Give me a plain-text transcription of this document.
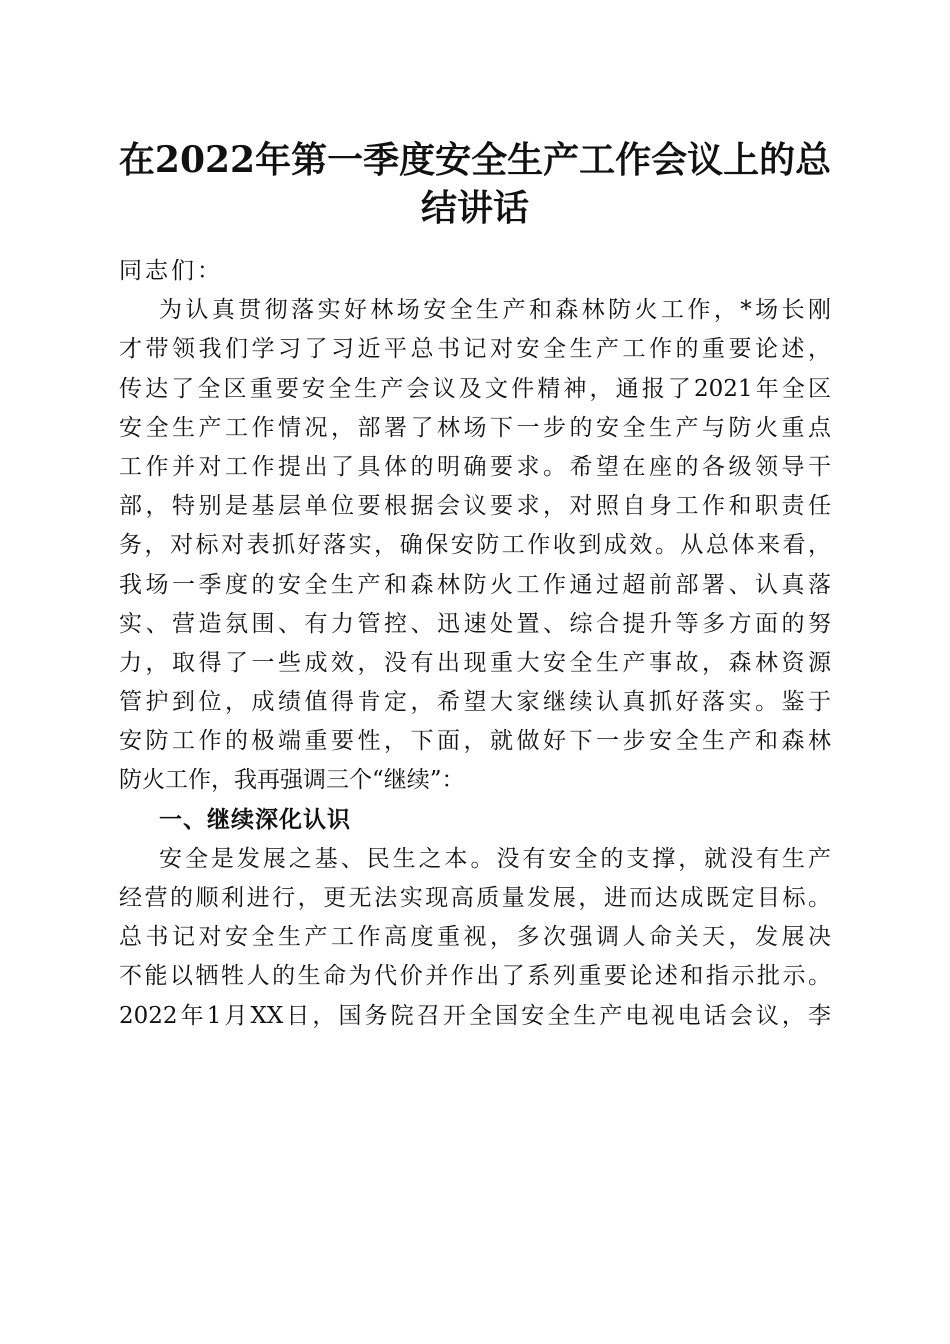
在2022年第一季度安全生产工作会议上的总
结讲话
同志们：
为认真贯彻落实好林场安全生产和森林防火工作，*场长刚
才带领我们学习了习近平总书记对安全生产工作的重要论述，
传达了全区重要安全生产会议及文件精神，通报了2021年全区
安全生产工作情况，部署了林场下一步的安全生产与防火重点
工作并对工作提出了具体的明确要求。希望在座的各级领导干
部，特别是基层单位要根据会议要求，对照自身工作和职责任
务，对标对表抓好落实，确保安防工作收到成效。从总体来看，
我场一季度的安全生产和森林防火工作通过超前部署、认真落
实、营造氛围、有力管控、迅速处置、综合提升等多方面的努
力，取得了一些成效，没有出现重大安全生产事故，森林资源
管护到位，成绩值得肯定，希望大家继续认真抓好落实。鉴于
安防工作的极端重要性，下面，就做好下一步安全生产和森林
防火工作，我再强调三个“继续”：
一、继续深化认识
安全是发展之基、民生之本。没有安全的支撑，就没有生产
经营的顺利进行，更无法实现高质量发展，进而达成既定目标。
总书记对安全生产工作高度重视，多次强调人命关天，发展决
不能以牺牲人的生命为代价并作出了系列重要论述和指示批示。
2022年1月XX日，国务院召开全国安全生产电视电话会议，李
